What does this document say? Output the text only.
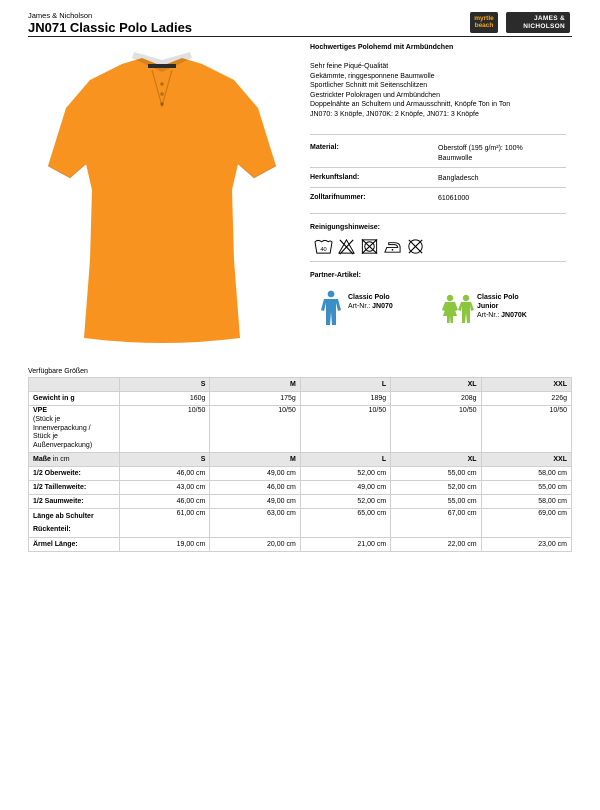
James & Nicholson
JN071 Classic Polo Ladies
myrtle
beach
JAMES &
NICHOLSON
Hochwertiges Polohemd mit Armbündchen
Sehr feine Piqué-Qualität
Gekämmte, ringgesponnene Baumwolle
Sportlicher Schnitt mit Seitenschlitzen
Gestrickter Polokragen und Armbündchen
Doppelnähte an Schultern und Armausschnitt, Knöpfe Ton in Ton
JN070: 3 Knöpfe, JN070K: 2 Knöpfe, JN071: 3 Knöpfe
Material:	Oberstoff (195 g/m²): 100%
Baumwolle
Herkunftsland:	Bangladesch
Zolltarifnummer:	61061000
Reinigungshinweise:
40
Partner-Artikel:
Classic Polo
Art-Nr.: JN070
Classic Polo
Junior
Art-Nr.: JN070K
Verfügbare Größen
	S	M	L	XL	XXL
Gewicht in g	160g	175g	189g	208g	226g
VPE
(Stück je
Innenverpackung /
Stück je
Außenverpackung)	10/50	10/50	10/50	10/50	10/50
Maße in cm	S	M	L	XL	XXL
1/2 Oberweite:	46,00 cm	49,00 cm	52,00 cm	55,00 cm	58,00 cm
1/2 Taillenweite:	43,00 cm	46,00 cm	49,00 cm	52,00 cm	55,00 cm
1/2 Saumweite:	46,00 cm	49,00 cm	52,00 cm	55,00 cm	58,00 cm

Länge ab Schulter
Rückenteil:	61,00 cm	63,00 cm	65,00 cm	67,00 cm	69,00 cm
Ärmel Länge:	19,00 cm	20,00 cm	21,00 cm	22,00 cm	23,00 cm
